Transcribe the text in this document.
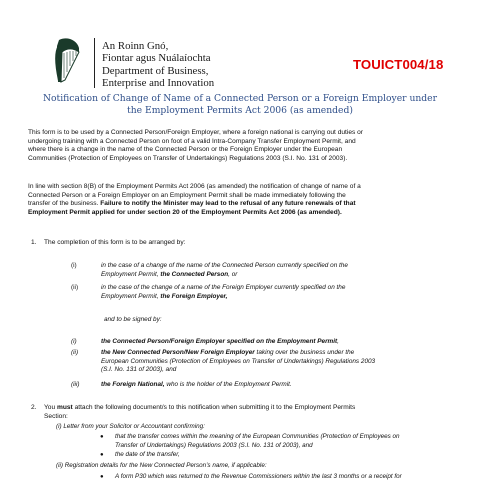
An Roinn Gnó,
Fiontar agus Nuálaíochta
Department of Business,
Enterprise and Innovation
TOUICT004/18
Notification of Change of Name of a Connected Person or a Foreign Employer under
the Employment Permits Act 2006 (as amended)
This form is to be used by a Connected Person/Foreign Employer, where a foreign national is carrying out duties or
undergoing training with a Connected Person on foot of a valid Intra-Company Transfer Employment Permit, and
where there is a change in the name of the Connected Person or the Foreign Employer under the European
Communities (Protection of Employees on Transfer of Undertakings) Regulations 2003 (S.I. No. 131 of 2003).
In line with section 8(B) of the Employment Permits Act 2006 (as amended) the notification of change of name of a
Connected Person or a Foreign Employer on an Employment Permit shall be made immediately following the
transfer of the business. Failure to notify the Minister may lead to the refusal of any future renewals of that
Employment Permit applied for under section 20 of the Employment Permits Act 2006 (as amended).
1. The completion of this form is to be arranged by:
(i)	in the case of a change of the name of the Connected Person currently specified on the
Employment Permit, the Connected Person, or
(ii)	in the case of the change of a name of the Foreign Employer currently specified on the
Employment Permit, the Foreign Employer,
and to be signed by:
(i)	the Connected Person/Foreign Employer specified on the Employment Permit,
(ii)	the New Connected Person/New Foreign Employer taking over the business under the
European Communities (Protection of Employees on Transfer of Undertakings) Regulations 2003
(S.I. No. 131 of 2003), and
(iii)	the Foreign National, who is the holder of the Employment Permit.
2. You must attach the following document/s to this notification when submitting it to the Employment Permits
Section:
(i) Letter from your Solicitor or Accountant confirming:
● that the transfer comes within the meaning of the European Communities (Protection of Employees on
Transfer of Undertakings) Regulations 2003 (S.I. No. 131 of 2003), and
● the date of the transfer,
(ii) Registration details for the New Connected Person’s name, if applicable:
● A form P30 which was returned to the Revenue Commissioners within the last 3 months or a receipt for
